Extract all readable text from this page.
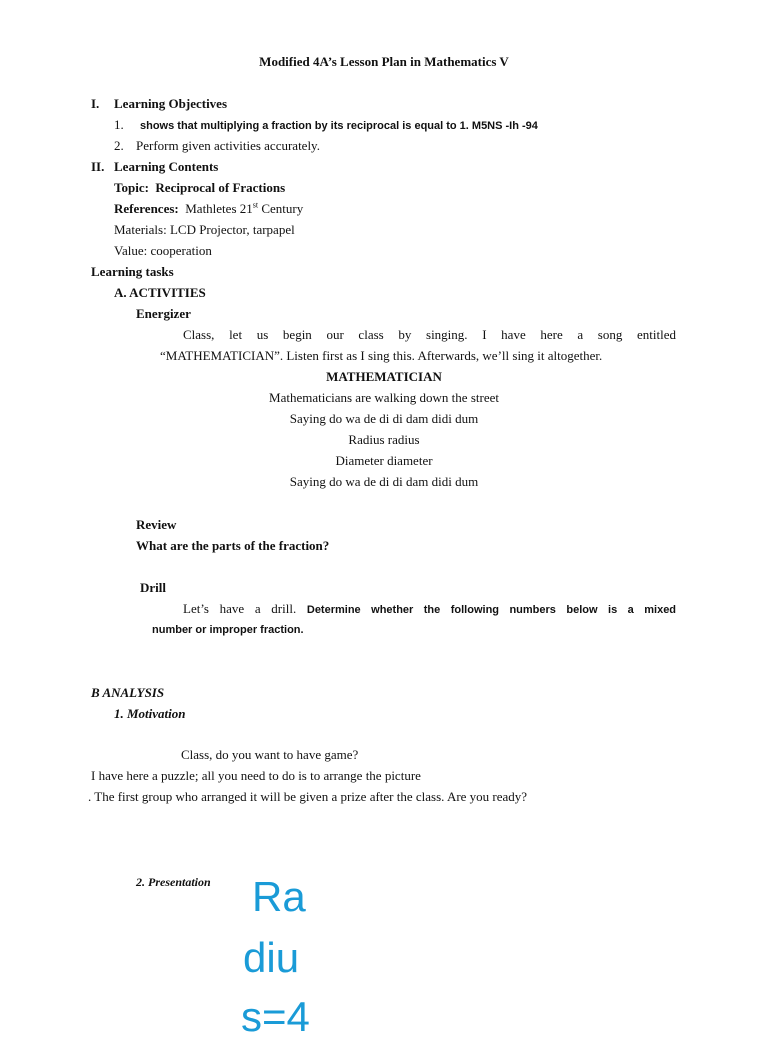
Modified 4A’s Lesson Plan in Mathematics V
I. Learning Objectives
1. shows that multiplying a fraction by its reciprocal is equal to 1. M5NS -Ih -94
2. Perform given activities accurately.
II. Learning Contents
Topic: Reciprocal of Fractions
References: Mathletes 21st Century
Materials: LCD Projector, tarpapel
Value: cooperation
Learning tasks
A. ACTIVITIES
Energizer
Class, let us begin our class by singing. I have here a song entitled
“MATHEMATICIAN”. Listen first as I sing this. Afterwards, we’ll sing it altogether.
MATHEMATICIAN
Mathematicians are walking down the street
Saying do wa de di di dam didi dum
Radius radius
Diameter diameter
Saying do wa de di di dam didi dum
Review
What are the parts of the fraction?
Drill
Let’s have a drill. Determine whether the following numbers below is a mixed
number or improper fraction.
B ANALYSIS
1. Motivation
Class, do you want to have game?
I have here a puzzle; all you need to do is to arrange the picture
. The first group who arranged it will be given a prize after the class. Are you ready?
2. Presentation Ra
diu
s=4
